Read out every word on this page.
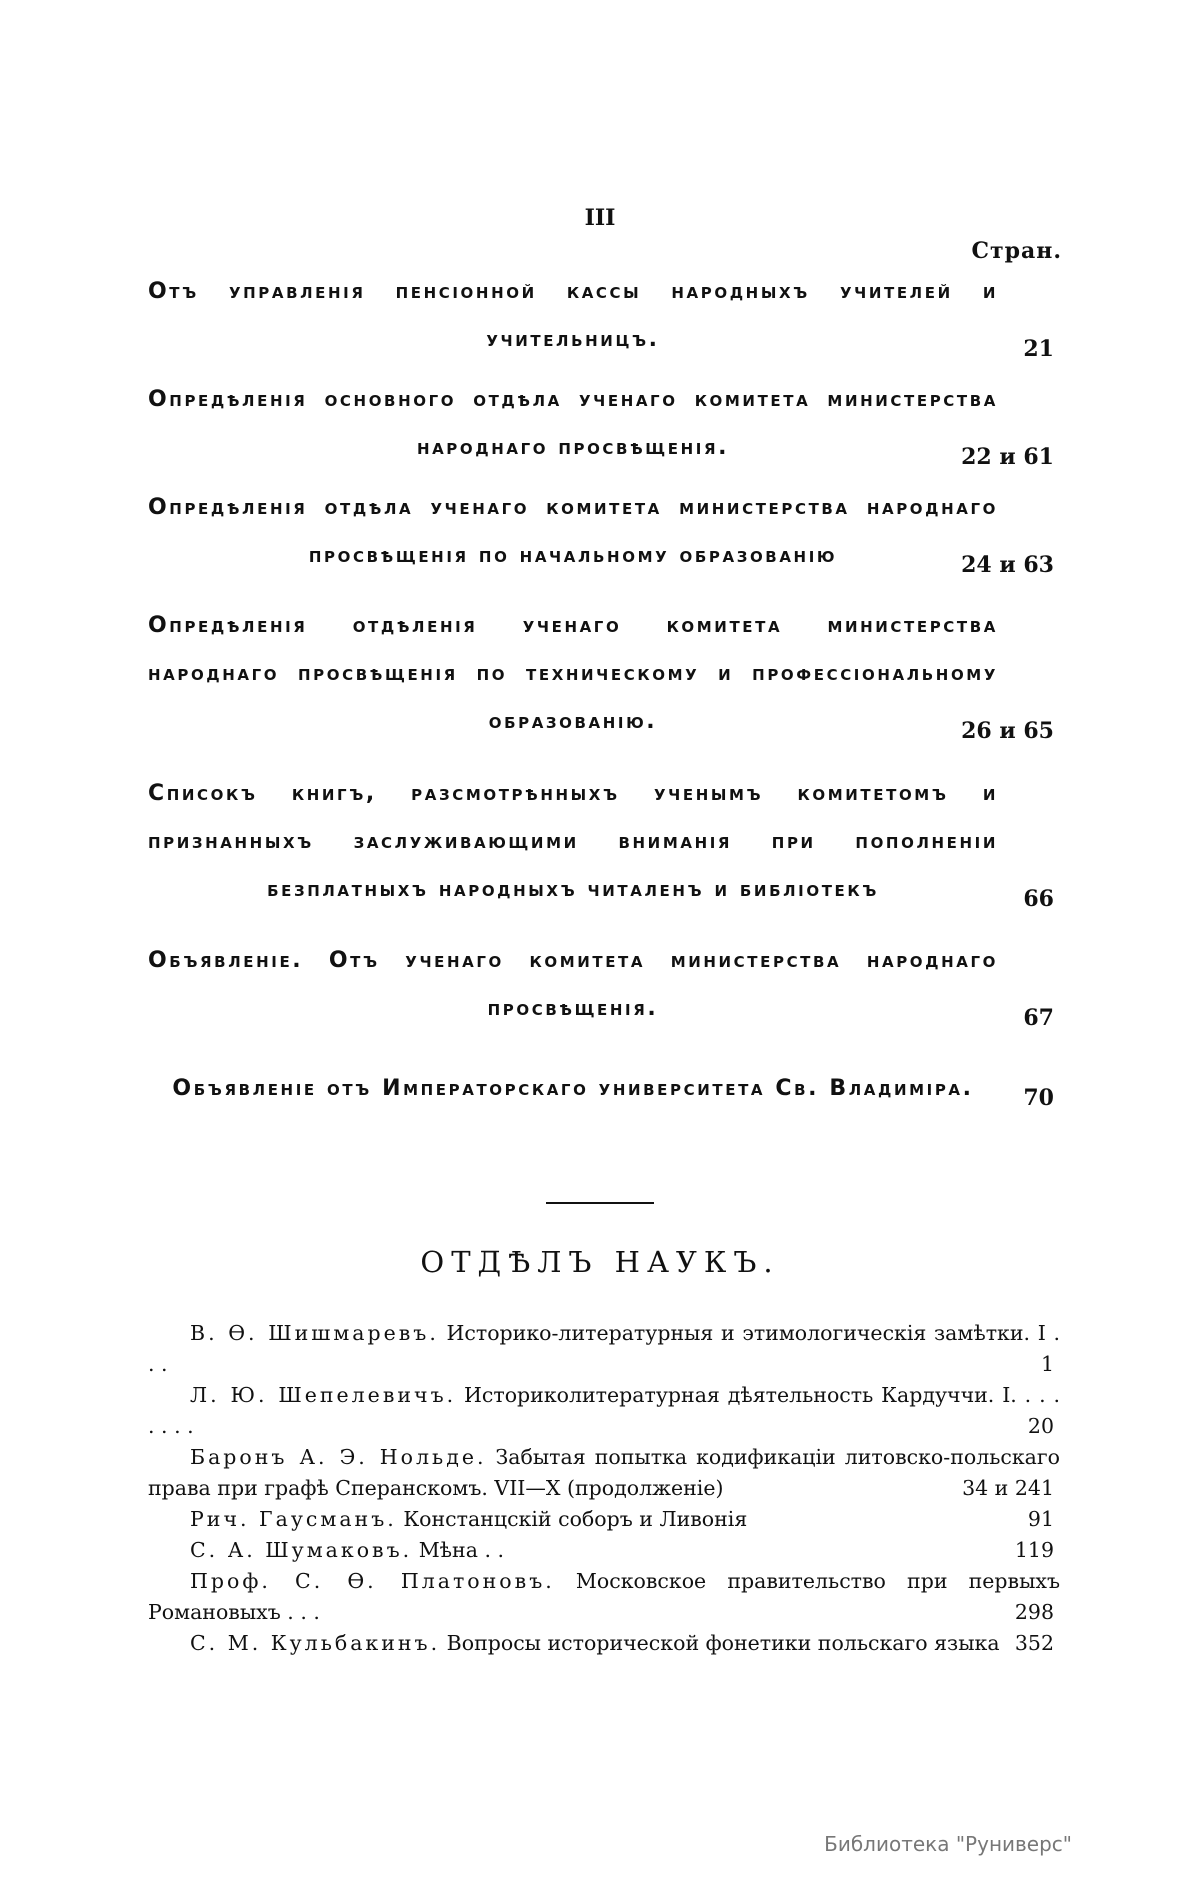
III
Стран.
Отъ управленія пенсіонной кассы народныхъ учителей и учительницъ.	21
Опредѣленія основного отдѣла ученаго комитета министерства народнаго просвѣщенія.	22 и 61
Опредѣленія отдѣла ученаго комитета министерства народнаго просвѣщенія по начальному образованію	24 и 63
Опредѣленія отдѣленія ученаго комитета министерства народнаго просвѣщенія по техническому и профессіональному образованію.	26 и 65
Списокъ книгъ, разсмотрѣнныхъ ученымъ комитетомъ и признанныхъ заслуживающими вниманія при пополненіи безплатныхъ народныхъ читаленъ и библіотекъ	66
Объявленіе. Отъ ученаго комитета министерства народнаго просвѣщенія.	67
Объявленіе отъ Императорскаго университета Св. Владиміра.	70
ОТДѢЛЪ НАУКЪ.
В. Ѳ. Шишмаревъ. Историко-литературныя и этимологическія замѣтки. I . . .	1
Л. Ю. Шепелевичъ. Историколитературная дѣятельность Кардуччи. I. . . . . . . .	20
Баронъ А. Э. Нольде. Забытая попытка кодификаціи литовско-польскаго права при графѣ Сперанскомъ. VII—X (продолженіе)	34 и 241
Рич. Гаусманъ. Констанцскій соборъ и Ливонія	91
С. А. Шумаковъ. Мѣна . .	119
Проф. С. Ѳ. Платоновъ. Московское правительство при первыхъ Романовыхъ . . .	298
С. М. Кульбакинъ. Вопросы исторической фонетики польскаго языка 352
Библиотека "Руниверс"
